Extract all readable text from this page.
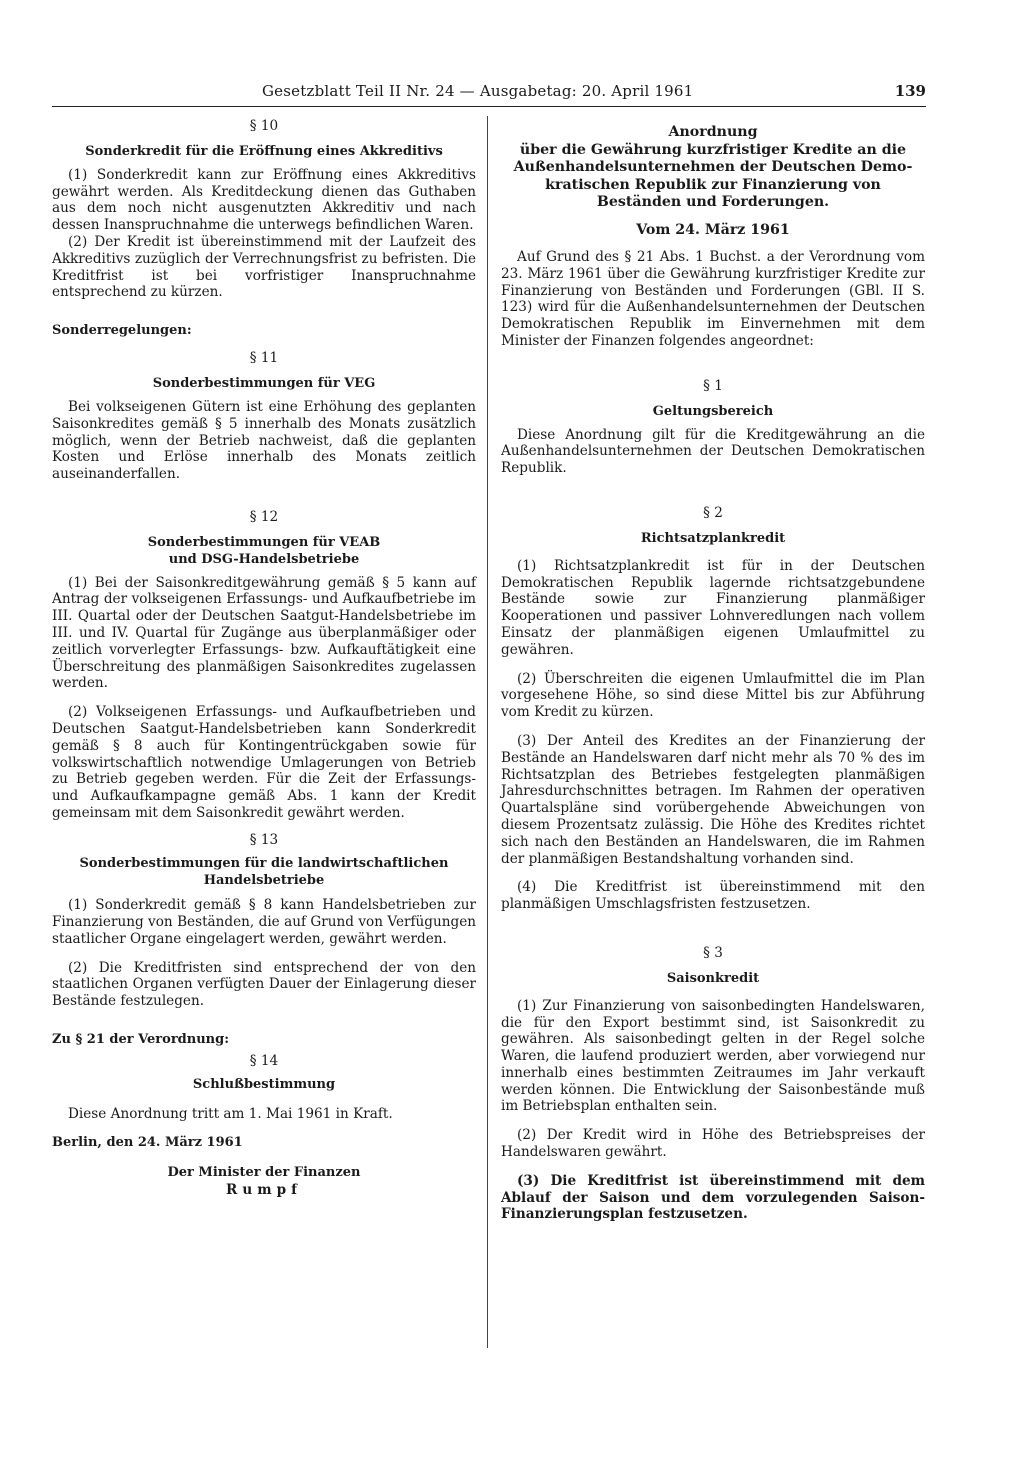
Gesetzblatt Teil II Nr. 24 — Ausgabetag: 20. April 1961	139

§ 10

Sonderkredit für die Eröffnung eines Akkreditivs

(1) Sonderkredit kann zur Eröffnung eines Akkreditivs gewährt werden. Als Kreditdeckung dienen das Guthaben aus dem noch nicht ausgenutzten Akkreditiv und nach dessen Inanspruchnahme die unterwegs befindlichen Waren.

(2) Der Kredit ist übereinstimmend mit der Laufzeit des Akkreditivs zuzüglich der Verrechnungsfrist zu befristen. Die Kreditfrist ist bei vorfristiger Inanspruchnahme entsprechend zu kürzen.

Sonderregelungen:

§ 11

Sonderbestimmungen für VEG

Bei volkseigenen Gütern ist eine Erhöhung des geplanten Saisonkredites gemäß § 5 innerhalb des Monats zusätzlich möglich, wenn der Betrieb nachweist, daß die geplanten Kosten und Erlöse innerhalb des Monats zeitlich auseinanderfallen.

§ 12

Sonderbestimmungen für VEAB

und DSG-Handelsbetriebe

(1) Bei der Saisonkreditgewährung gemäß § 5 kann auf Antrag der volkseigenen Erfassungs- und Aufkaufbetriebe im III. Quartal oder der Deutschen Saatgut-Handelsbetriebe im III. und IV. Quartal für Zugänge aus überplanmäßiger oder zeitlich vorverlegter Erfassungs- bzw. Aufkauftätigkeit eine Überschreitung des planmäßigen Saisonkredites zugelassen werden.

(2) Volkseigenen Erfassungs- und Aufkaufbetrieben und Deutschen Saatgut-Handelsbetrieben kann Sonderkredit gemäß § 8 auch für Kontingentrückgaben sowie für volkswirtschaftlich notwendige Umlagerungen von Betrieb zu Betrieb gegeben werden. Für die Zeit der Erfassungs- und Aufkaufkampagne gemäß Abs. 1 kann der Kredit gemeinsam mit dem Saisonkredit gewährt werden.

§ 13

Sonderbestimmungen für die landwirtschaftlichen

Handelsbetriebe

(1) Sonderkredit gemäß § 8 kann Handelsbetrieben zur Finanzierung von Beständen, die auf Grund von Verfügungen staatlicher Organe eingelagert werden, gewährt werden.

(2) Die Kreditfristen sind entsprechend der von den staatlichen Organen verfügten Dauer der Einlagerung dieser Bestände festzulegen.

Zu § 21 der Verordnung:

§ 14

Schlußbestimmung

Diese Anordnung tritt am 1. Mai 1961 in Kraft.

Berlin, den 24. März 1961

Der Minister der Finanzen

Rumpf

Anordnung

über die Gewährung kurzfristiger Kredite an die

Außenhandelsunternehmen der Deutschen Demo-

kratischen Republik zur Finanzierung von

Beständen und Forderungen.

Vom 24. März 1961

Auf Grund des § 21 Abs. 1 Buchst. a der Verordnung vom 23. März 1961 über die Gewährung kurzfristiger Kredite zur Finanzierung von Beständen und Forderungen (GBl. II S. 123) wird für die Außenhandelsunternehmen der Deutschen Demokratischen Republik im Einvernehmen mit dem Minister der Finanzen folgendes angeordnet:

§ 1

Geltungsbereich

Diese Anordnung gilt für die Kreditgewährung an die Außenhandelsunternehmen der Deutschen Demokratischen Republik.

§ 2

Richtsatzplankredit

(1) Richtsatzplankredit ist für in der Deutschen Demokratischen Republik lagernde richtsatzgebundene Bestände sowie zur Finanzierung planmäßiger Kooperationen und passiver Lohnveredlungen nach vollem Einsatz der planmäßigen eigenen Umlaufmittel zu gewähren.

(2) Überschreiten die eigenen Umlaufmittel die im Plan vorgesehene Höhe, so sind diese Mittel bis zur Abführung vom Kredit zu kürzen.

(3) Der Anteil des Kredites an der Finanzierung der Bestände an Handelswaren darf nicht mehr als 70 % des im Richtsatzplan des Betriebes festgelegten planmäßigen Jahresdurchschnittes betragen. Im Rahmen der operativen Quartalspläne sind vorübergehende Abweichungen von diesem Prozentsatz zulässig. Die Höhe des Kredites richtet sich nach den Beständen an Handelswaren, die im Rahmen der planmäßigen Bestandshaltung vorhanden sind.

(4) Die Kreditfrist ist übereinstimmend mit den planmäßigen Umschlagsfristen festzusetzen.

§ 3

Saisonkredit

(1) Zur Finanzierung von saisonbedingten Handelswaren, die für den Export bestimmt sind, ist Saisonkredit zu gewähren. Als saisonbedingt gelten in der Regel solche Waren, die laufend produziert werden, aber vorwiegend nur innerhalb eines bestimmten Zeitraumes im Jahr verkauft werden können. Die Entwicklung der Saisonbestände muß im Betriebsplan enthalten sein.

(2) Der Kredit wird in Höhe des Betriebspreises der Handelswaren gewährt.

(3) Die Kreditfrist ist übereinstimmend mit dem Ablauf der Saison und dem vorzulegenden Saison-Finanzierungsplan festzusetzen.
